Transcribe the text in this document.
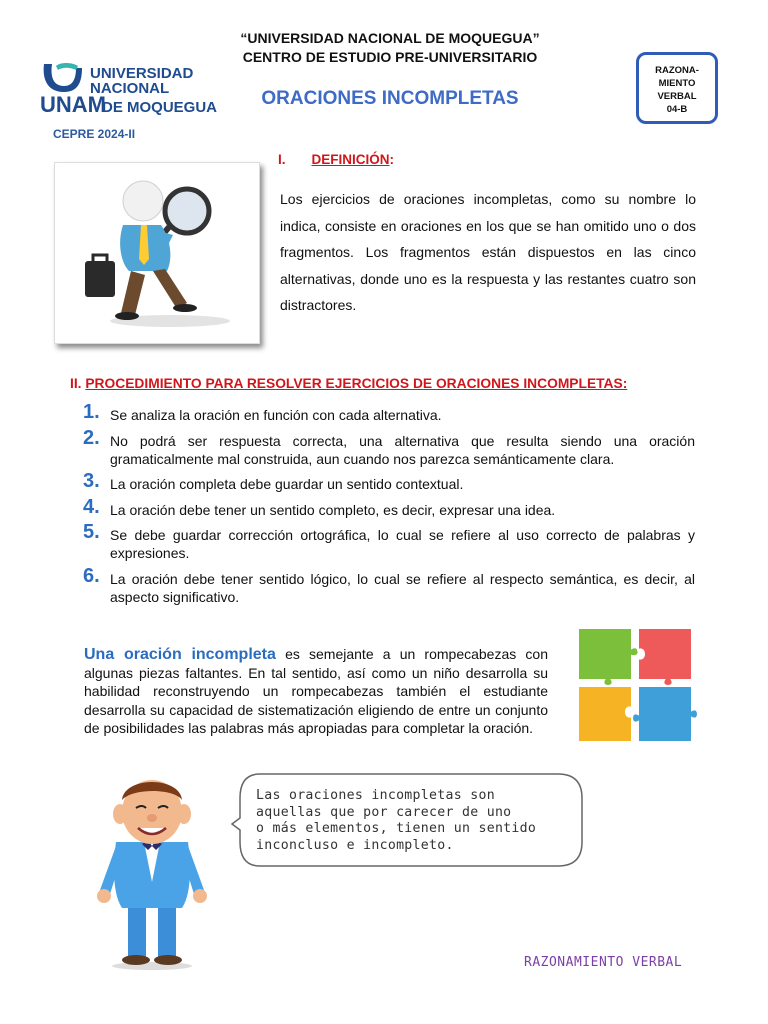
“UNIVERSIDAD NACIONAL DE MOQUEGUA”
CENTRO DE ESTUDIO PRE-UNIVERSITARIO
ORACIONES INCOMPLETAS
UNIVERSIDAD
NACIONAL
UNAM
DE MOQUEGUA
CEPRE 2024-II
RAZONA-
MIENTO
VERBAL
04-B
I. DEFINICIÓN:
Los ejercicios de oraciones incompletas, como su nombre lo indica, consiste en oraciones en los que se han omitido uno o dos fragmentos. Los fragmentos están dispuestos en las cinco alternativas, donde uno es la respuesta y las restantes cuatro son distractores.
II. PROCEDIMIENTO PARA RESOLVER EJERCICIOS DE ORACIONES INCOMPLETAS:
1. Se analiza la oración en función con cada alternativa.
2. No podrá ser respuesta correcta, una alternativa que resulta siendo una oración gramaticalmente mal construida, aun cuando nos parezca semánticamente clara.
3. La oración completa debe guardar un sentido contextual.
4. La oración debe tener un sentido completo, es decir, expresar una idea.
5. Se debe guardar corrección ortográfica, lo cual se refiere al uso correcto de palabras y expresiones.
6. La oración debe tener sentido lógico, lo cual se refiere al respecto semántica, es decir, al aspecto significativo.
Una oración incompleta es semejante a un rompecabezas con algunas piezas faltantes. En tal sentido, así como un niño desarrolla su habilidad reconstruyendo un rompecabezas también el estudiante desarrolla su capacidad de sistematización eligiendo de entre un conjunto de posibilidades las palabras más apropiadas para completar la oración.
Las oraciones incompletas son
aquellas que por carecer de uno
o más elementos, tienen un sentido
inconcluso e incompleto.
RAZONAMIENTO VERBAL
